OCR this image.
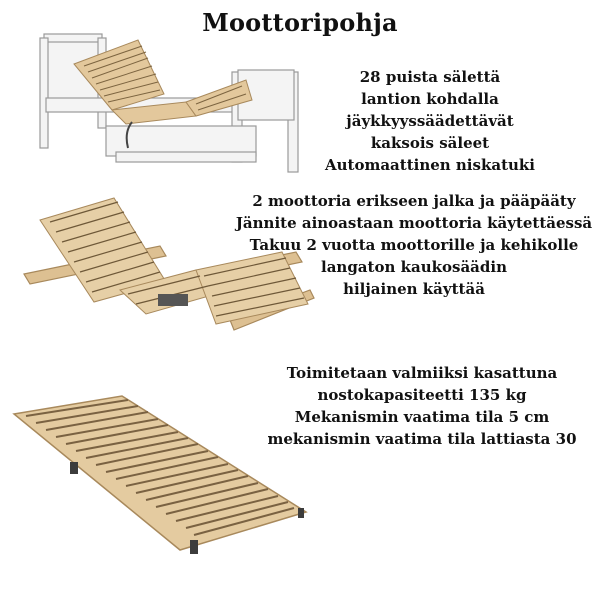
Moottoripohja
28 puista sälettä
lantion kohdalla
jäykkyyssäädettävät
kaksois säleet
Automaattinen niskatuki
2 moottoria erikseen jalka ja pääpääty
Jännite ainoastaan moottoria käytettäessä
Takuu 2 vuotta moottorille ja kehikolle
langaton kaukosäädin
hiljainen käyttää
Toimitetaan valmiiksi kasattuna
nostokapasiteetti 135 kg
Mekanismin vaatima tila 5 cm
mekanismin vaatima tila lattiasta 30
